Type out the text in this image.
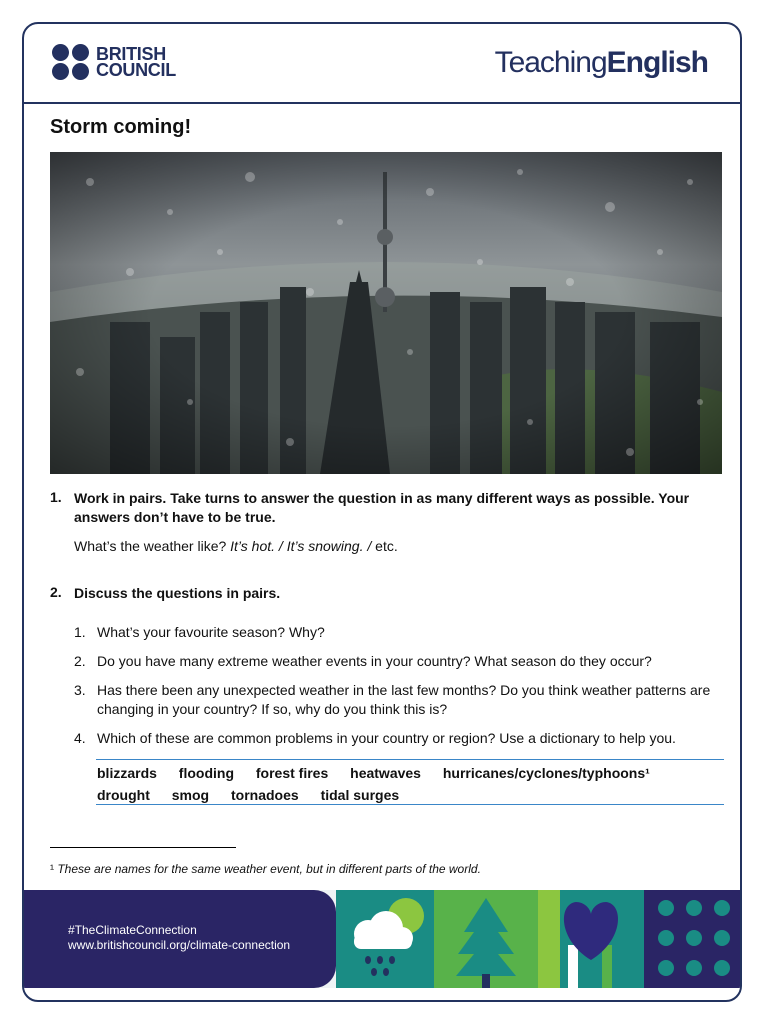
BRITISH
COUNCIL	TeachingEnglish
Storm coming!
1. Work in pairs. Take turns to answer the question in as many different ways as possible. Your answers don’t have to be true.
What’s the weather like? It’s hot. / It’s snowing. / etc.
2. Discuss the questions in pairs.
1. What’s your favourite season? Why?
2. Do you have many extreme weather events in your country? What season do they occur?
3. Has there been any unexpected weather in the last few months? Do you think weather patterns are changing in your country? If so, why do you think this is?
4. Which of these are common problems in your country or region? Use a dictionary to help you.
blizzards flooding forest fires heatwaves hurricanes/cyclones/typhoons¹
drought smog tornadoes tidal surges
¹ These are names for the same weather event, but in different parts of the world.
#TheClimateConnection
www.britishcouncil.org/climate-connection
